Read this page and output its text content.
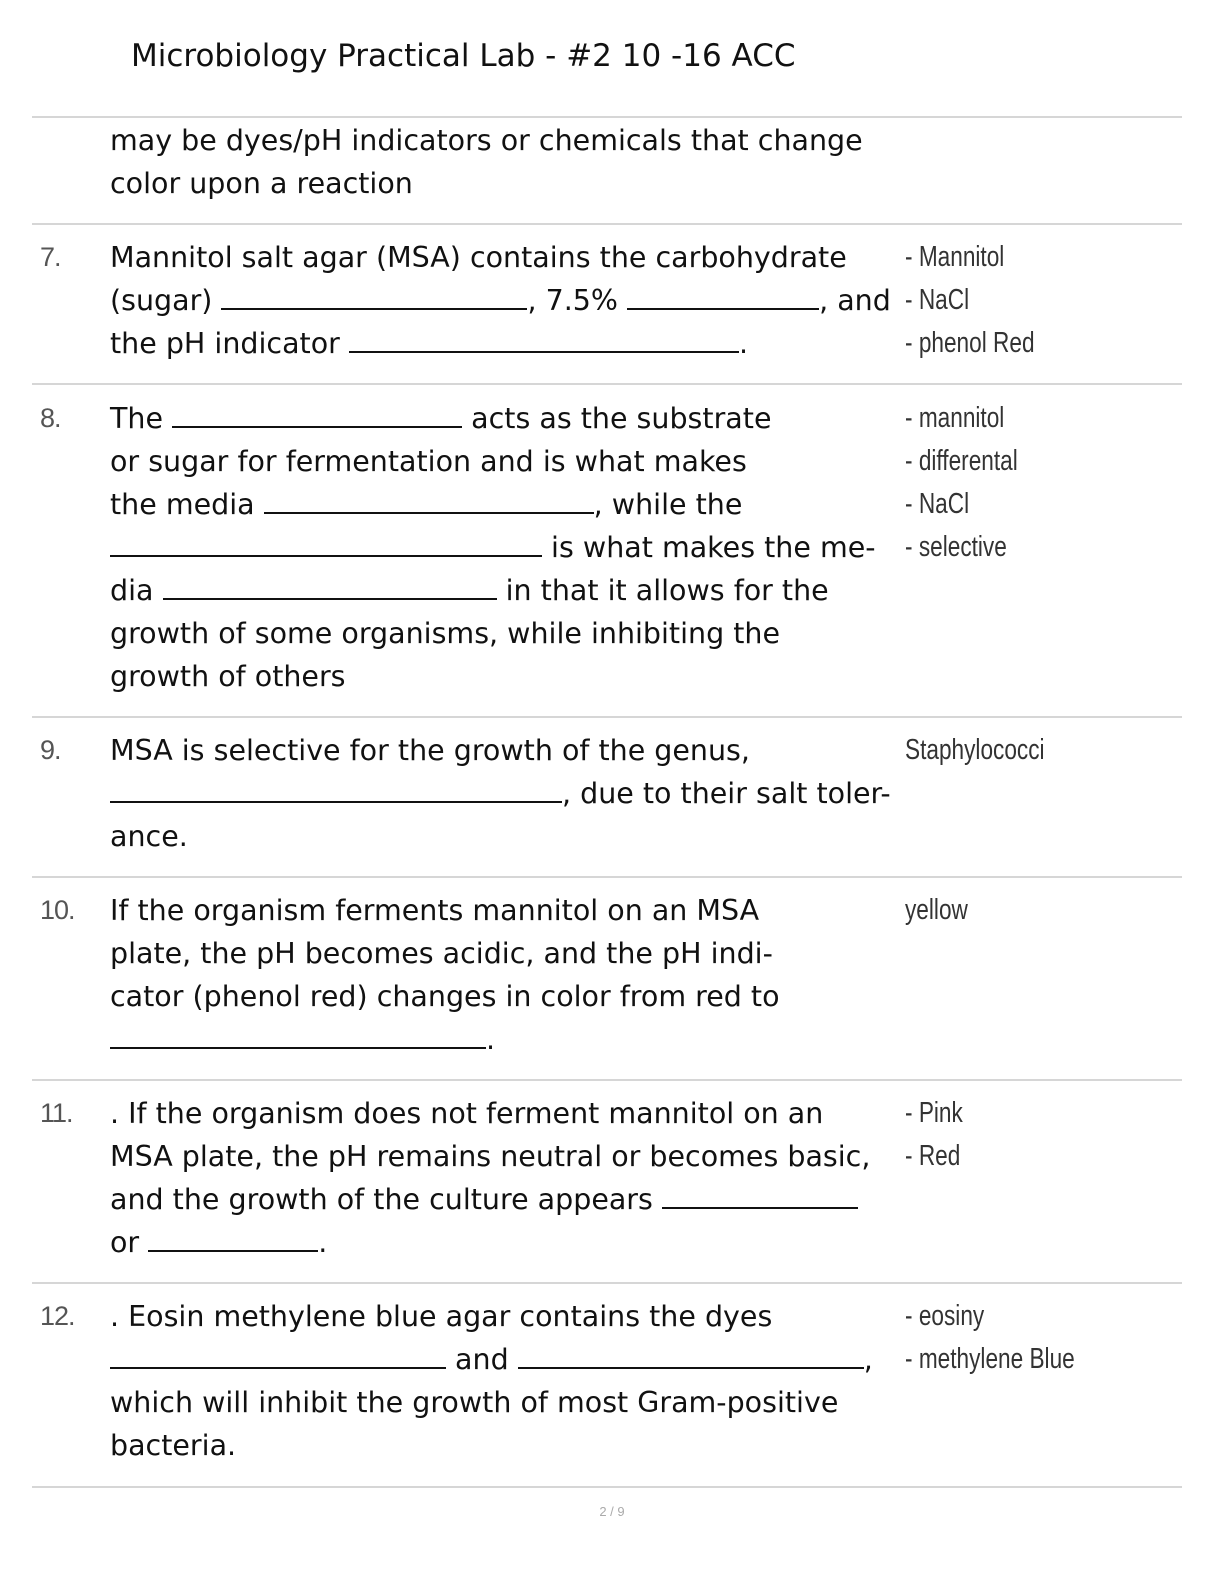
Microbiology Practical Lab - #2 10 -16 ACC
may be dyes/pH indicators or chemicals that change
color upon a reaction
7. Mannitol salt agar (MSA) contains the carbohydrate
(sugar)	, 7.5%	, and
the pH indicator	.
- Mannitol
- NaCl
- phenol Red
8. The	acts as the substrate
or sugar for fermentation and is what makes
the media	, while the
is what makes the me-
dia	in that it allows for the
growth of some organisms, while inhibiting the
growth of others
- mannitol
- differental
- NaCl
- selective
9. MSA is selective for the growth of the genus,
, due to their salt toler-
ance.
Staphylococci
10. If the organism ferments mannitol on an MSA
plate, the pH becomes acidic, and the pH indi-
cator (phenol red) changes in color from red to
.
yellow
11. . If the organism does not ferment mannitol on an
MSA plate, the pH remains neutral or becomes basic,
and the growth of the culture appears
or	.
- Pink
- Red
12. . Eosin methylene blue agar contains the dyes
and	,
which will inhibit the growth of most Gram-positive
bacteria.
- eosiny
- methylene Blue
2 / 9
